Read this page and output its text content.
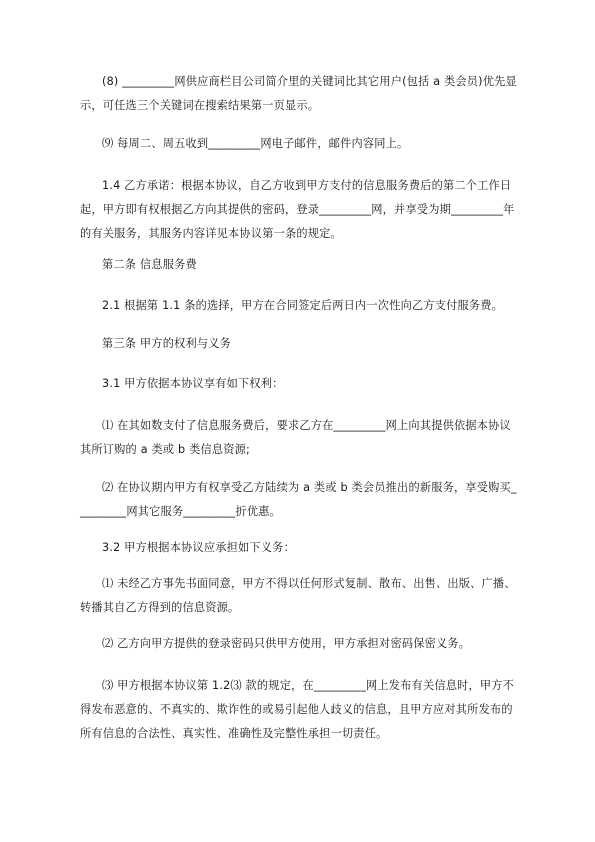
(8) _________网供应商栏目公司简介里的关键词比其它用户(包括 a 类会员)优先显示，可任选三个关键词在搜索结果第一页显示。

⑼ 每周二、周五收到_________网电子邮件，邮件内容同上。

1.4 乙方承诺：根据本协议，自乙方收到甲方支付的信息服务费后的第二个工作日起，甲方即有权根据乙方向其提供的密码，登录_________网，并享受为期_________年的有关服务，其服务内容详见本协议第一条的规定。

第二条 信息服务费

2.1 根据第 1.1 条的选择，甲方在合同签定后两日内一次性向乙方支付服务费。

第三条 甲方的权利与义务

3.1 甲方依据本协议享有如下权利：

⑴ 在其如数支付了信息服务费后，要求乙方在_________网上向其提供依据本协议其所订购的 a 类或 b 类信息资源;

⑵ 在协议期内甲方有权享受乙方陆续为 a 类或 b 类会员推出的新服务，享受购买_________网其它服务_________折优惠。

3.2 甲方根据本协议应承担如下义务：

⑴ 未经乙方事先书面同意，甲方不得以任何形式复制、散布、出售、出版、广播、转播其自乙方得到的信息资源。

⑵ 乙方向甲方提供的登录密码只供甲方使用，甲方承担对密码保密义务。

⑶ 甲方根据本协议第 1.2⑶ 款的规定，在_________网上发布有关信息时，甲方不得发布恶意的、不真实的、欺诈性的或易引起他人歧义的信息，且甲方应对其所发布的所有信息的合法性、真实性、准确性及完整性承担一切责任。
